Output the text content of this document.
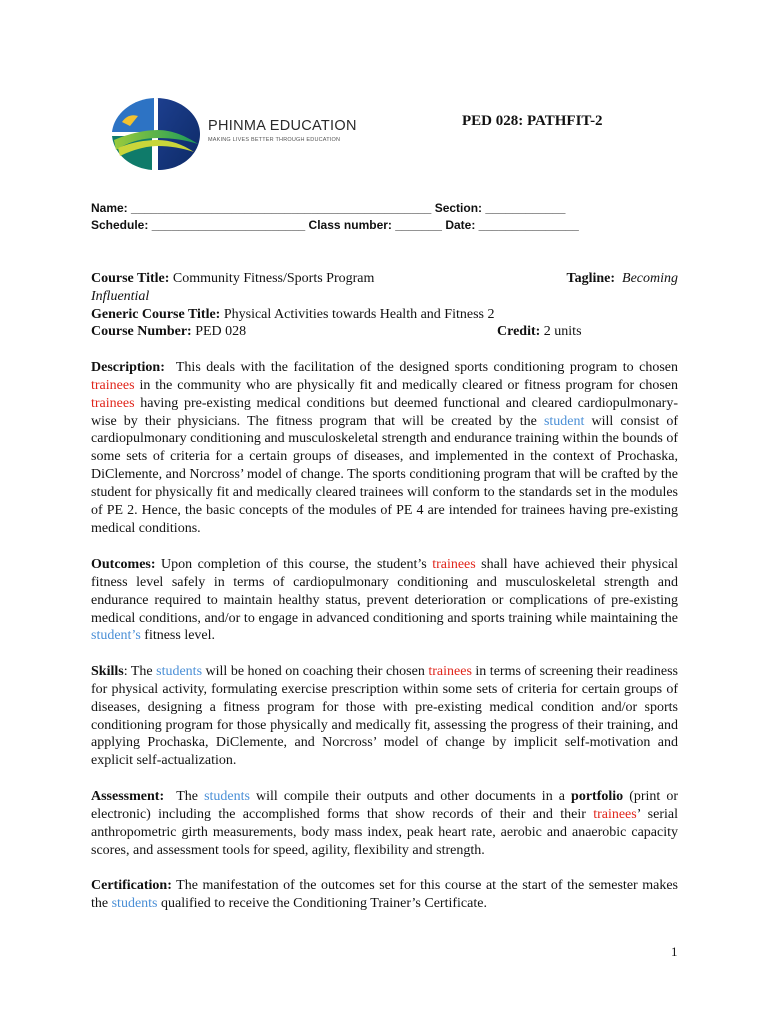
PHINMA EDUCATION
MAKING LIVES BETTER THROUGH EDUCATION
PED 028: PATHFIT-2
Name: _____________________________________________ Section: ____________
Schedule: _______________________ Class number: _______ Date: _______________
Course Title: Community Fitness/Sports Program	Tagline: Becoming
Influential
Generic Course Title: Physical Activities towards Health and Fitness 2
Course Number: PED 028	Credit: 2 units
Description: This deals with the facilitation of the designed sports conditioning program to chosen trainees in the community who are physically fit and medically cleared or fitness program for chosen trainees having pre-existing medical conditions but deemed functional and cleared cardiopulmonary-wise by their physicians. The fitness program that will be created by the student will consist of cardiopulmonary conditioning and musculoskeletal strength and endurance training within the bounds of some sets of criteria for a certain groups of diseases, and implemented in the context of Prochaska, DiClemente, and Norcross’ model of change. The sports conditioning program that will be crafted by the student for physically fit and medically cleared trainees will conform to the standards set in the modules of PE 2. Hence, the basic concepts of the modules of PE 4 are intended for trainees having pre-existing medical conditions.
Outcomes: Upon completion of this course, the student’s trainees shall have achieved their physical fitness level safely in terms of cardiopulmonary conditioning and musculoskeletal strength and endurance required to maintain healthy status, prevent deterioration or complications of pre-existing medical conditions, and/or to engage in advanced conditioning and sports training while maintaining the student’s fitness level.
Skills: The students will be honed on coaching their chosen trainees in terms of screening their readiness for physical activity, formulating exercise prescription within some sets of criteria for certain groups of diseases, designing a fitness program for those with pre-existing medical condition and/or sports conditioning program for those physically and medically fit, assessing the progress of their training, and applying Prochaska, DiClemente, and Norcross’ model of change by implicit self-motivation and explicit self-actualization.
Assessment: The students will compile their outputs and other documents in a portfolio (print or electronic) including the accomplished forms that show records of their and their trainees’ serial anthropometric girth measurements, body mass index, peak heart rate, aerobic and anaerobic capacity scores, and assessment tools for speed, agility, flexibility and strength.
Certification: The manifestation of the outcomes set for this course at the start of the semester makes the students qualified to receive the Conditioning Trainer’s Certificate.
1
